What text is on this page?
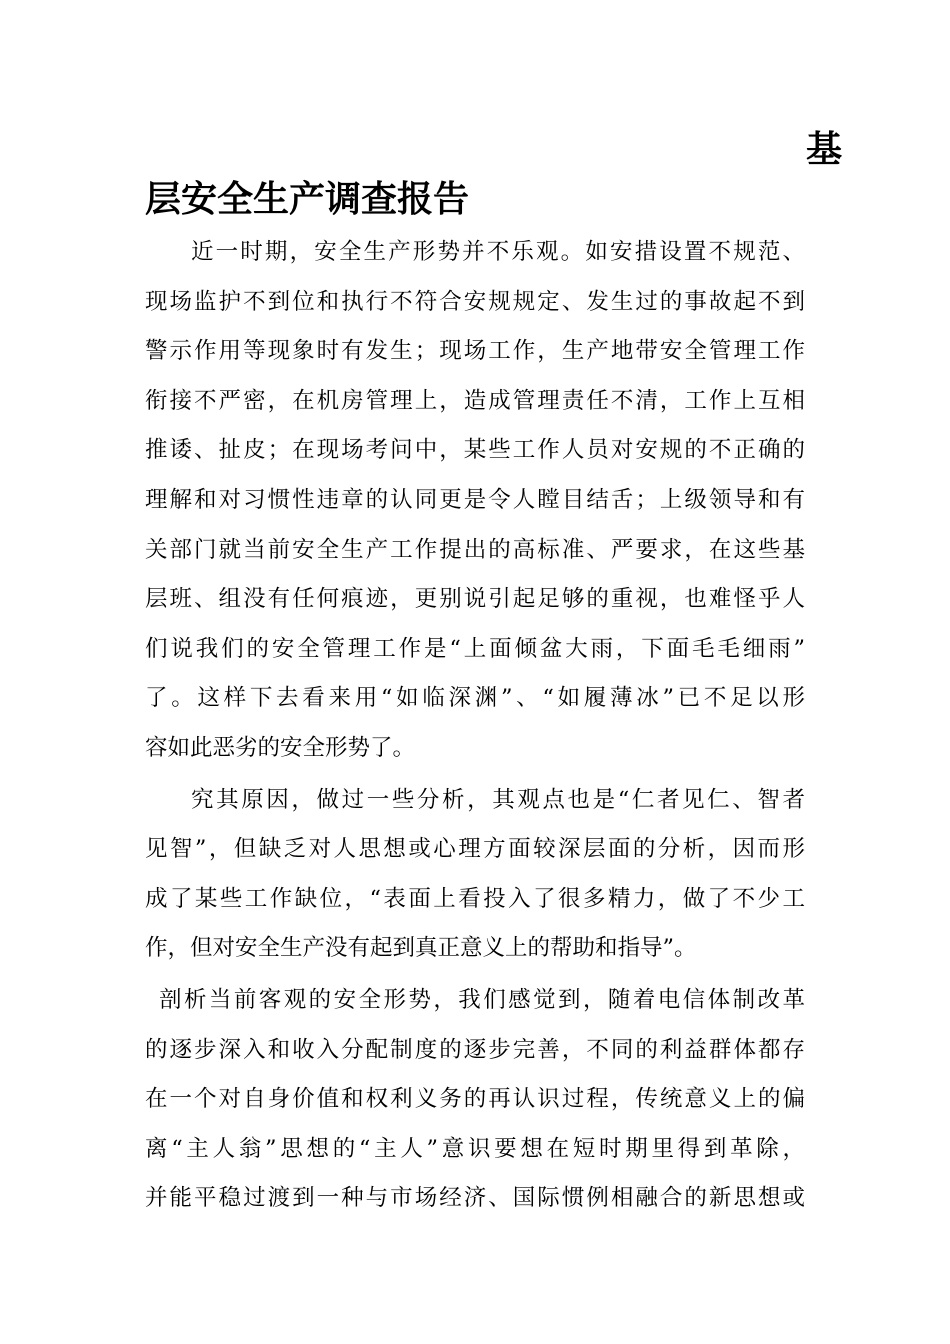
基
层安全生产调查报告
近一时期，安全生产形势并不乐观。如安措设置不规范、
现场监护不到位和执行不符合安规规定、发生过的事故起不到
警示作用等现象时有发生；现场工作，生产地带安全管理工作
衔接不严密，在机房管理上，造成管理责任不清，工作上互相
推诿、扯皮；在现场考问中，某些工作人员对安规的不正确的
理解和对习惯性违章的认同更是令人瞠目结舌；上级领导和有
关部门就当前安全生产工作提出的高标准、严要求，在这些基
层班、组没有任何痕迹，更别说引起足够的重视，也难怪乎人
们说我们的安全管理工作是“上面倾盆大雨，下面毛毛细雨”
了。这样下去看来用“如临深渊”、“如履薄冰”已不足以形
容如此恶劣的安全形势了。
究其原因，做过一些分析，其观点也是“仁者见仁、智者
见智”，但缺乏对人思想或心理方面较深层面的分析，因而形
成了某些工作缺位，“表面上看投入了很多精力，做了不少工
作，但对安全生产没有起到真正意义上的帮助和指导”。
剖析当前客观的安全形势，我们感觉到，随着电信体制改革
的逐步深入和收入分配制度的逐步完善，不同的利益群体都存
在一个对自身价值和权利义务的再认识过程，传统意义上的偏
离“主人翁”思想的“主人”意识要想在短时期里得到革除，
并能平稳过渡到一种与市场经济、国际惯例相融合的新思想或
